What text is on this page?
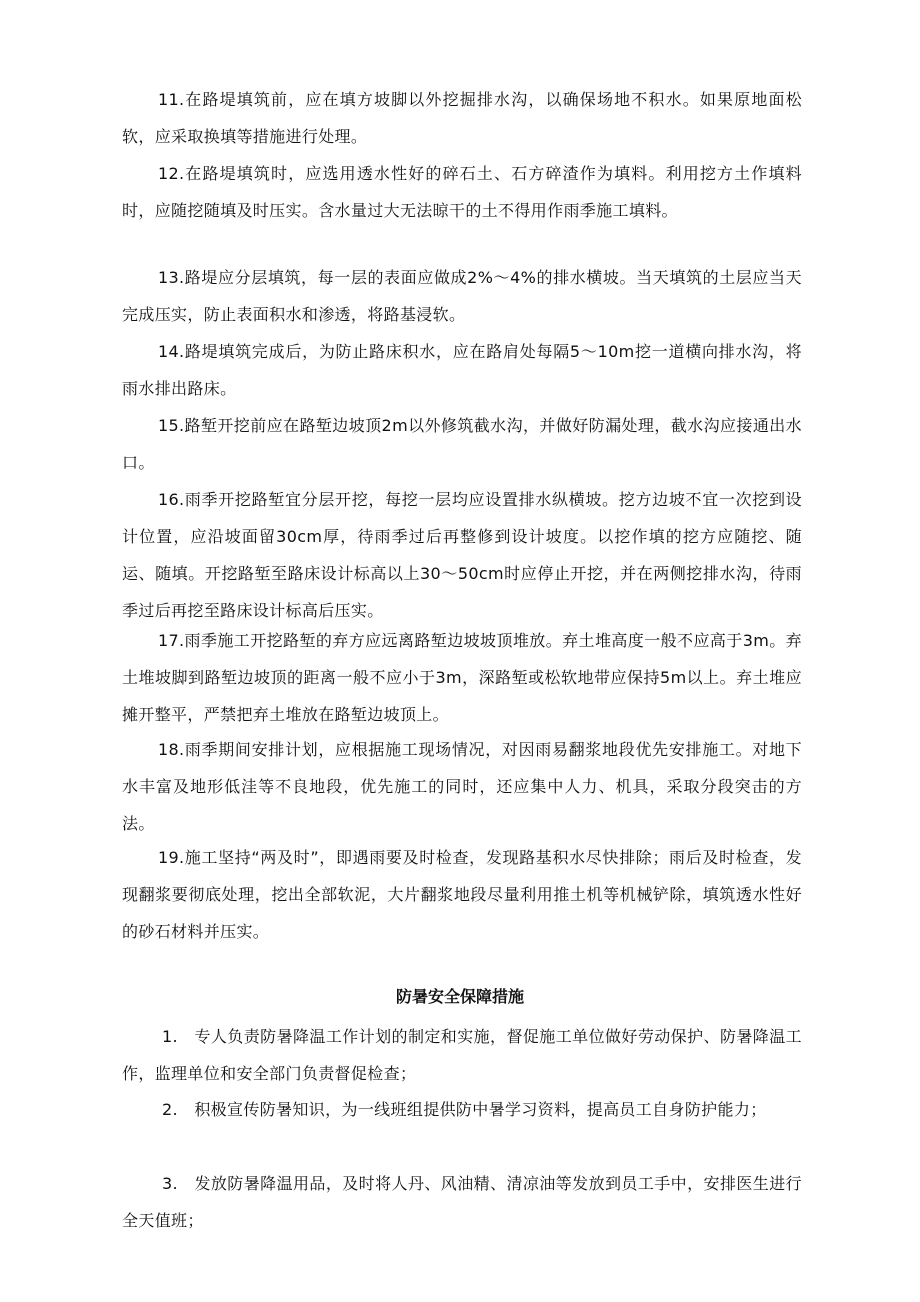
11.在路堤填筑前，应在填方坡脚以外挖掘排水沟，以确保场地不积水。如果原地面松软，应采取换填等措施进行处理。

12.在路堤填筑时，应选用透水性好的碎石土、石方碎渣作为填料。利用挖方土作填料时，应随挖随填及时压实。含水量过大无法晾干的土不得用作雨季施工填料。

13.路堤应分层填筑，每一层的表面应做成2%～4%的排水横坡。当天填筑的土层应当天完成压实，防止表面积水和渗透，将路基浸软。

14.路堤填筑完成后，为防止路床积水，应在路肩处每隔5～10m挖一道横向排水沟，将雨水排出路床。

15.路堑开挖前应在路堑边坡顶2m以外修筑截水沟，并做好防漏处理，截水沟应接通出水口。

16.雨季开挖路堑宜分层开挖，每挖一层均应设置排水纵横坡。挖方边坡不宜一次挖到设计位置，应沿坡面留30cm厚，待雨季过后再整修到设计坡度。以挖作填的挖方应随挖、随运、随填。开挖路堑至路床设计标高以上30～50cm时应停止开挖，并在两侧挖排水沟，待雨季过后再挖至路床设计标高后压实。

17.雨季施工开挖路堑的弃方应远离路堑边坡坡顶堆放。弃土堆高度一般不应高于3m。弃土堆坡脚到路堑边坡顶的距离一般不应小于3m，深路堑或松软地带应保持5m以上。弃土堆应摊开整平，严禁把弃土堆放在路堑边坡顶上。

18.雨季期间安排计划，应根据施工现场情况，对因雨易翻浆地段优先安排施工。对地下水丰富及地形低洼等不良地段，优先施工的同时，还应集中人力、机具，采取分段突击的方法。

19.施工坚持“两及时”，即遇雨要及时检查，发现路基积水尽快排除；雨后及时检查，发现翻浆要彻底处理，挖出全部软泥，大片翻浆地段尽量利用推土机等机械铲除，填筑透水性好的砂石材料并压实。

防暑安全保障措施

1.　专人负责防暑降温工作计划的制定和实施，督促施工单位做好劳动保护、防暑降温工作，监理单位和安全部门负责督促检查；

2.　积极宣传防暑知识，为一线班组提供防中暑学习资料，提高员工自身防护能力；

3.　发放防暑降温用品，及时将人丹、风油精、清凉油等发放到员工手中，安排医生进行全天值班；
